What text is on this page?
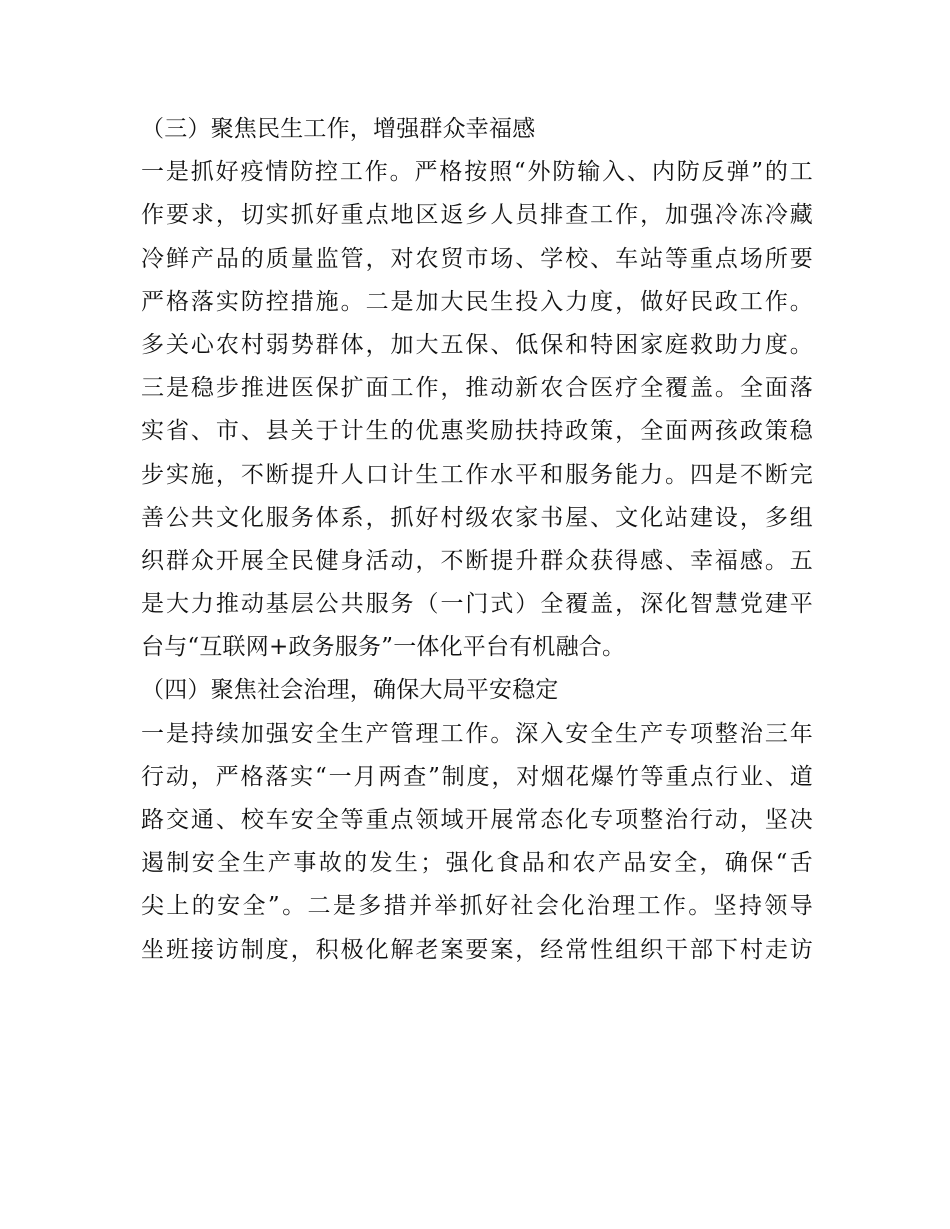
（三）聚焦民生工作，增强群众幸福感
一是抓好疫情防控工作。严格按照“外防输入、内防反弹”的工
作要求，切实抓好重点地区返乡人员排查工作，加强冷冻冷藏
冷鲜产品的质量监管，对农贸市场、学校、车站等重点场所要
严格落实防控措施。二是加大民生投入力度，做好民政工作。
多关心农村弱势群体，加大五保、低保和特困家庭救助力度。
三是稳步推进医保扩面工作，推动新农合医疗全覆盖。全面落
实省、市、县关于计生的优惠奖励扶持政策，全面两孩政策稳
步实施，不断提升人口计生工作水平和服务能力。四是不断完
善公共文化服务体系，抓好村级农家书屋、文化站建设，多组
织群众开展全民健身活动，不断提升群众获得感、幸福感。五
是大力推动基层公共服务（一门式）全覆盖，深化智慧党建平
台与“互联网+政务服务”一体化平台有机融合。
（四）聚焦社会治理，确保大局平安稳定
一是持续加强安全生产管理工作。深入安全生产专项整治三年
行动，严格落实“一月两查”制度，对烟花爆竹等重点行业、道
路交通、校车安全等重点领域开展常态化专项整治行动，坚决
遏制安全生产事故的发生；强化食品和农产品安全，确保“舌
尖上的安全”。二是多措并举抓好社会化治理工作。坚持领导
坐班接访制度，积极化解老案要案，经常性组织干部下村走访
